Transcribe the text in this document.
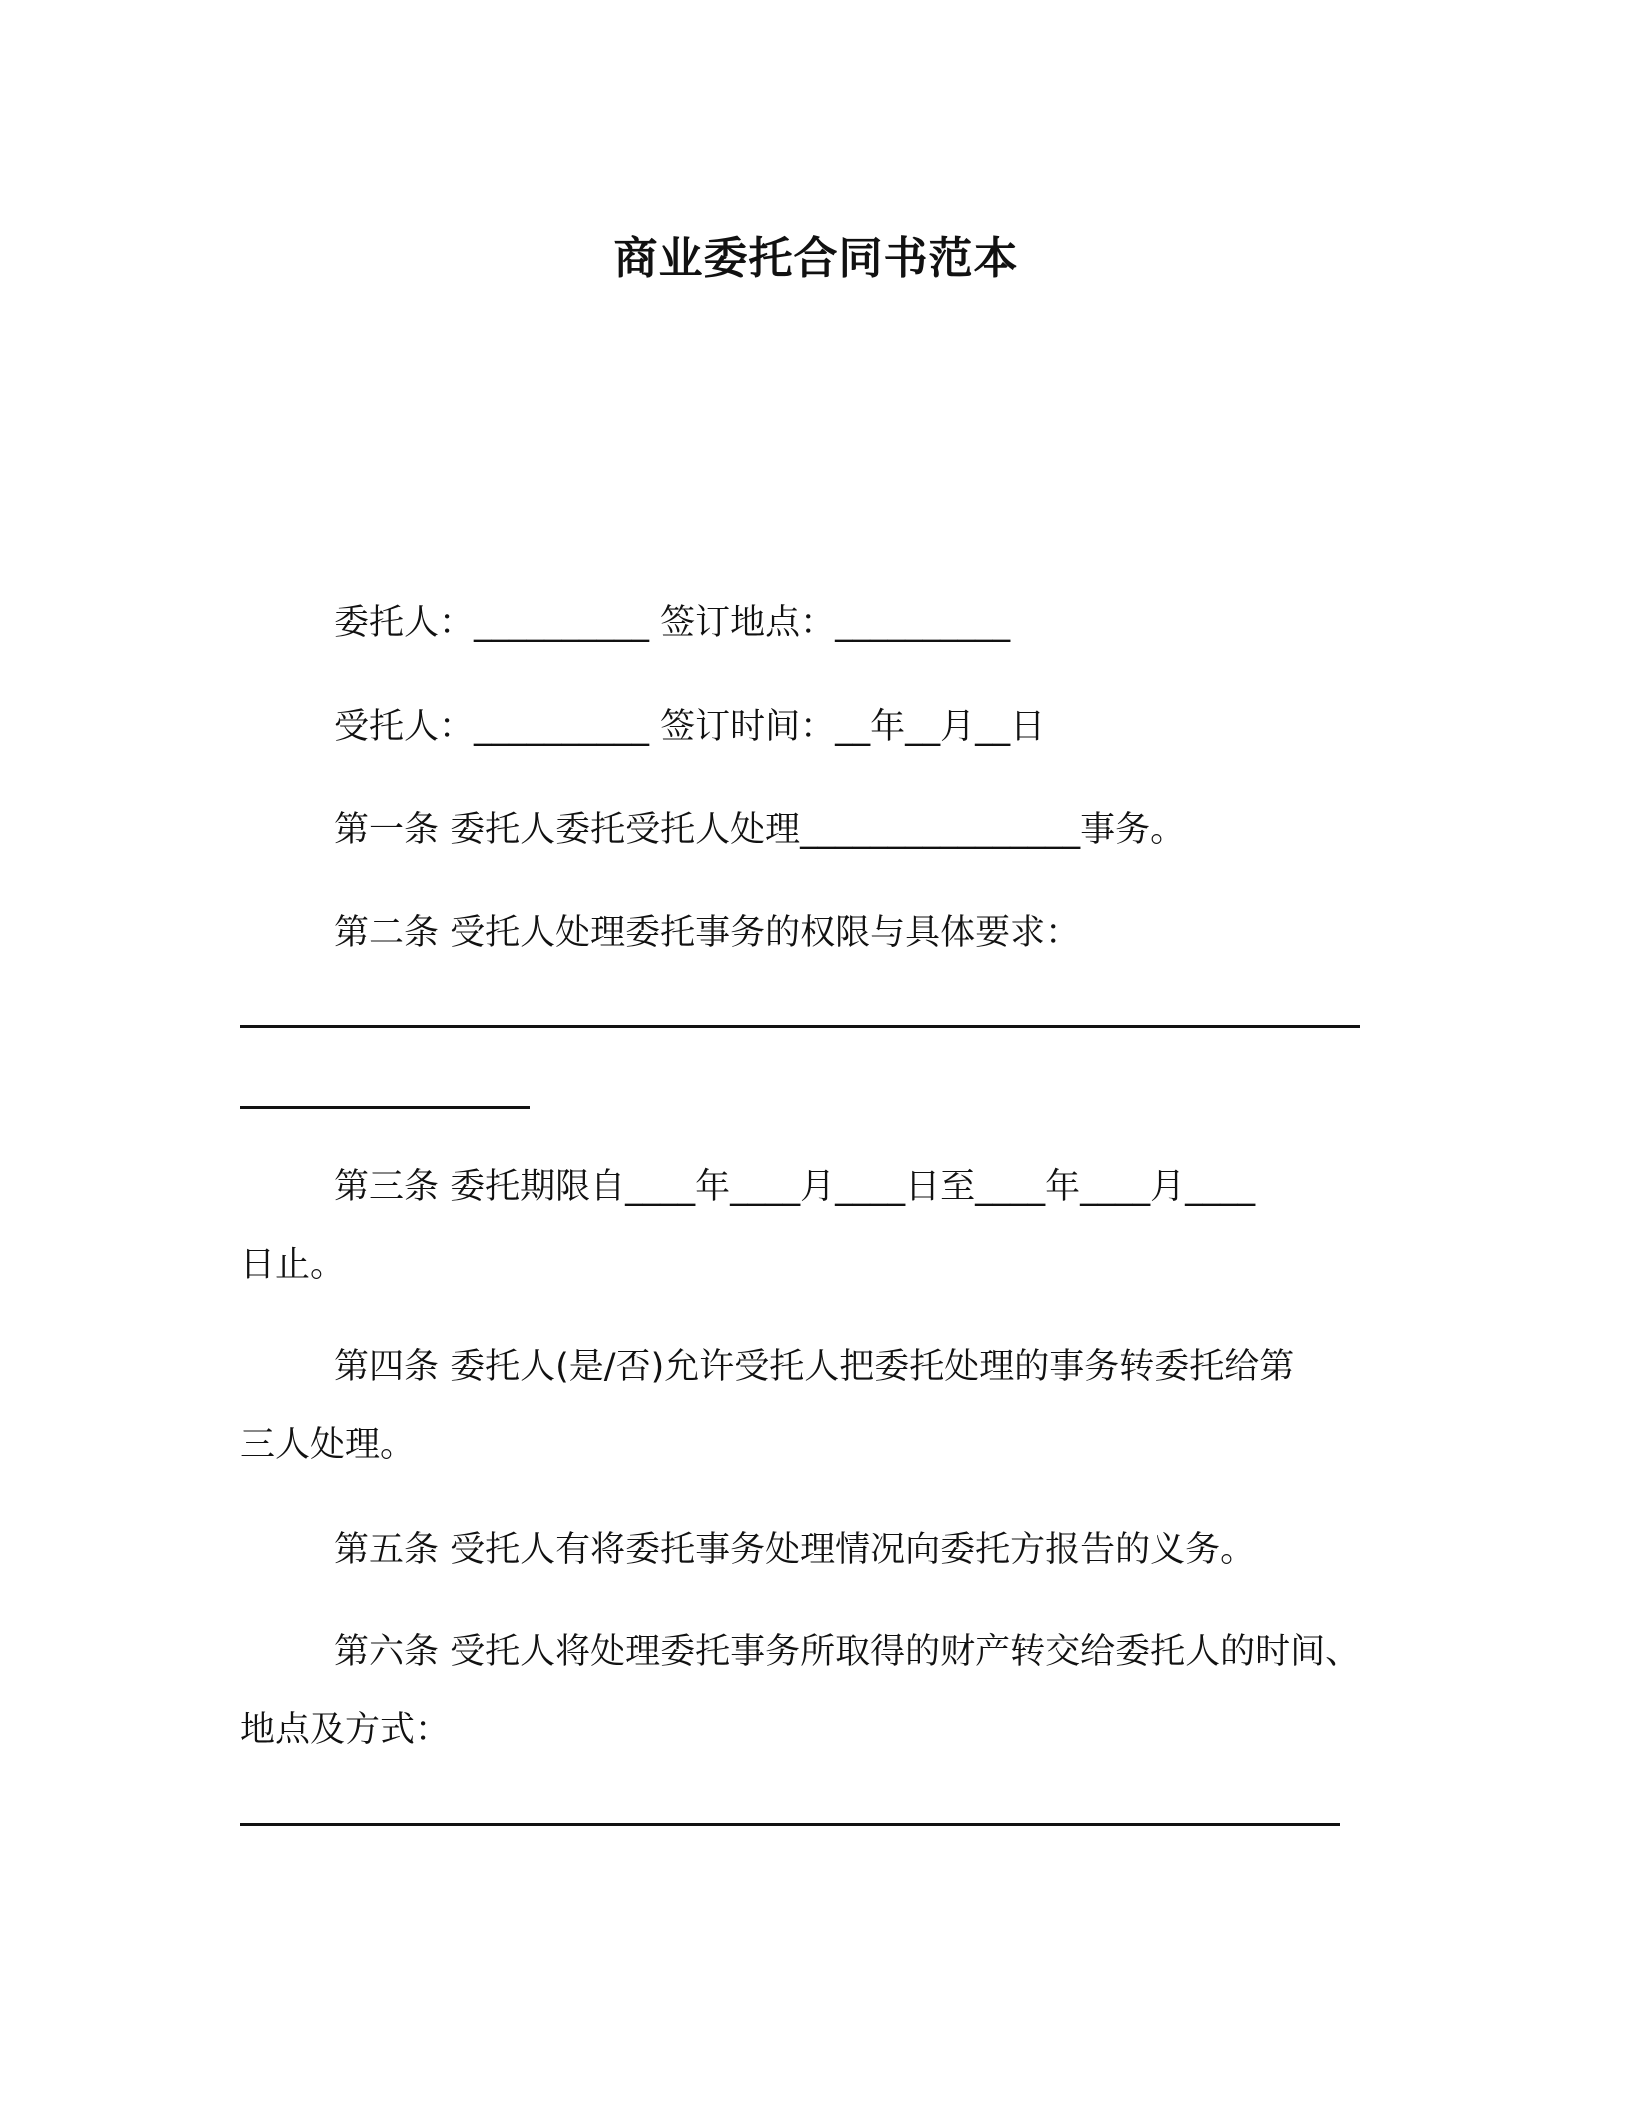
商业委托合同书范本
委托人：__________ 签订地点：__________
受托人：__________ 签订时间：__年__月__日
第一条 委托人委托受托人处理________________事务。
第二条 受托人处理委托事务的权限与具体要求：
第三条 委托期限自____年____月____日至____年____月____
日止。
第四条 委托人(是/否)允许受托人把委托处理的事务转委托给第
三人处理。
第五条 受托人有将委托事务处理情况向委托方报告的义务。
第六条 受托人将处理委托事务所取得的财产转交给委托人的时间、
地点及方式：
